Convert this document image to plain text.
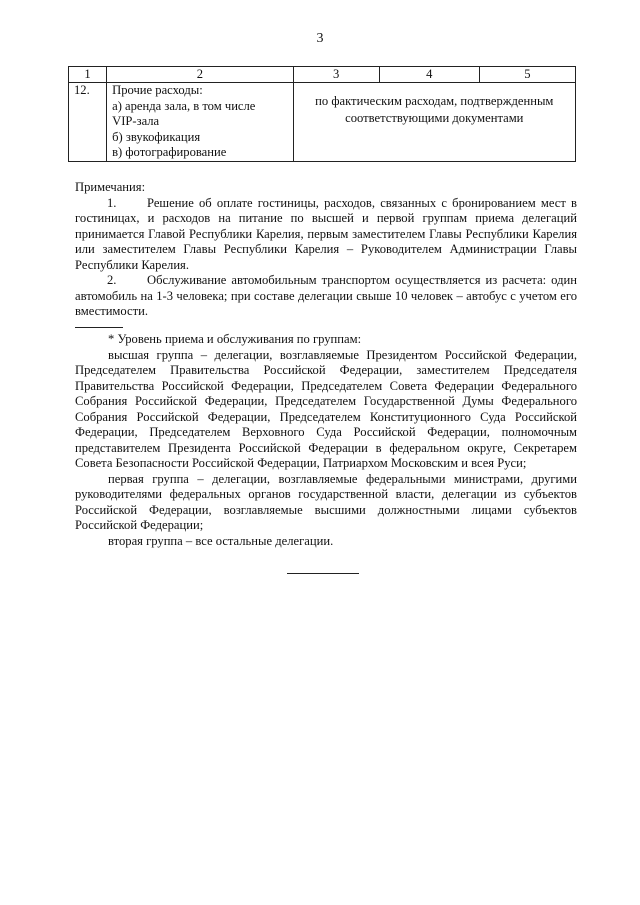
3
1	2	3	4	5
12.	Прочие расходы:
а) аренда зала, в том числе
VIP-зала
б) звукофикация
в) фотографирование	по фактическим расходам, подтвержденным
соответствующими документами		

Примечания:

1. Решение об оплате гостиницы, расходов, связанных с бронированием мест в гостиницах, и расходов на питание по высшей и первой группам приема делегаций принимается Главой Республики Карелия, первым заместителем Главы Республики Карелия или заместителем Главы Республики Карелия – Руководителем Администрации Главы Республики Карелия.

2. Обслуживание автомобильным транспортом осуществляется из расчета: один автомобиль на 1-3 человека; при составе делегации свыше 10 человек – автобус с учетом его вместимости.

* Уровень приема и обслуживания по группам:

высшая группа – делегации, возглавляемые Президентом Российской Федерации, Председателем Правительства Российской Федерации, заместителем Председателя Правительства Российской Федерации, Председателем Совета Федерации Федерального Собрания Российской Федерации, Председателем Государственной Думы Федерального Собрания Российской Федерации, Председателем Конституционного Суда Российской Федерации, Председателем Верховного Суда Российской Федерации, полномочным представителем Президента Российской Федерации в федеральном округе, Секретарем Совета Безопасности Российской Федерации, Патриархом Московским и всея Руси;

первая группа – делегации, возглавляемые федеральными министрами, другими руководителями федеральных органов государственной власти, делегации из субъектов Российской Федерации, возглавляемые высшими должностными лицами субъектов Российской Федерации;

вторая группа – все остальные делегации.
